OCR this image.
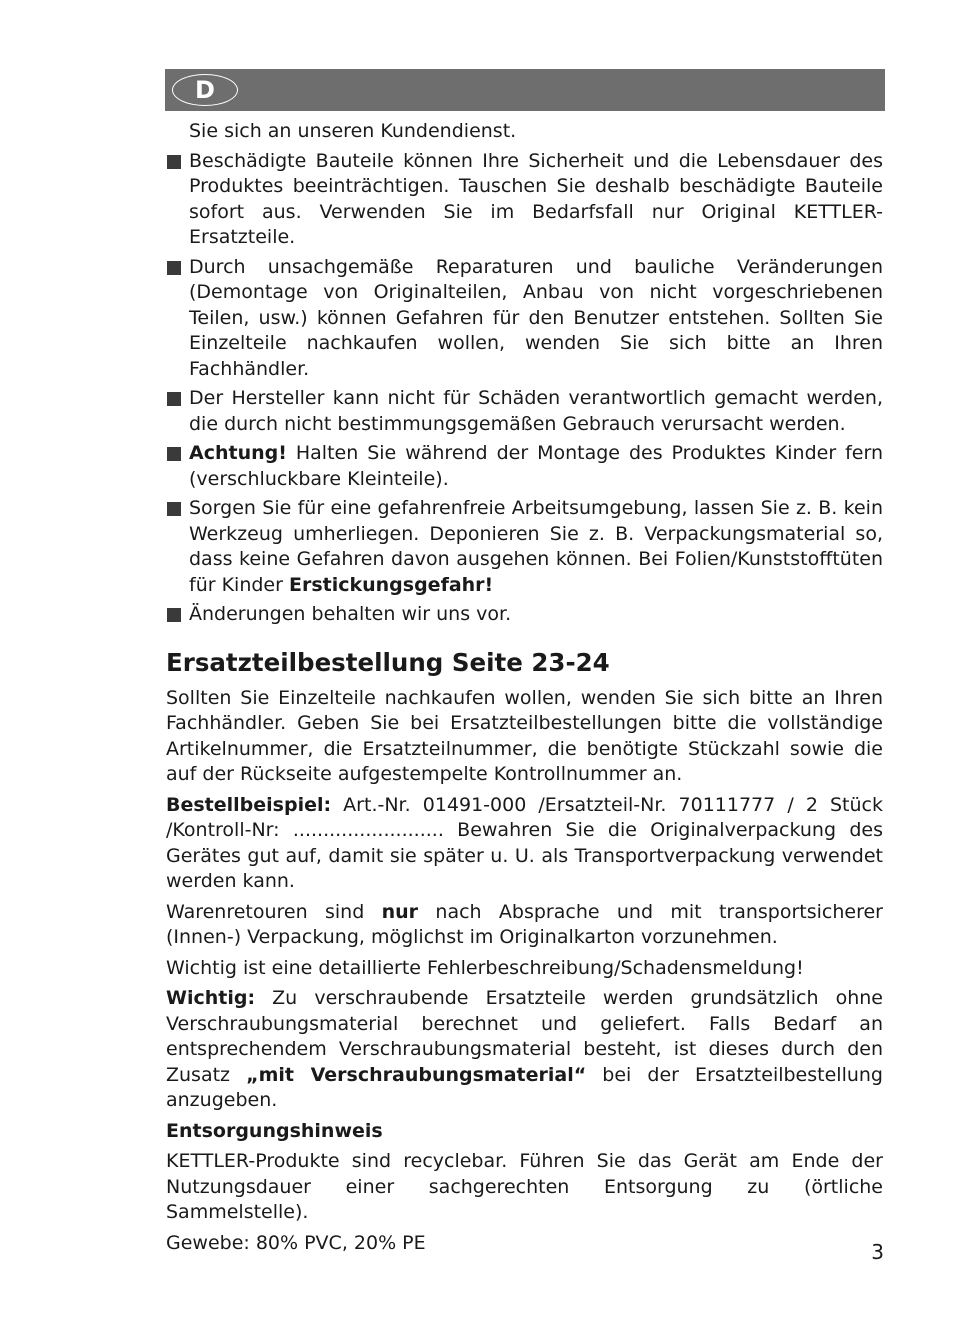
D
Sie sich an unseren Kundendienst.
Beschädigte Bauteile können Ihre Sicherheit und die Lebensdauer des Produktes beeinträchtigen. Tauschen Sie deshalb beschädigte Bauteile sofort aus. Verwenden Sie im Bedarfsfall nur Original KETTLER-Ersatzteile.
Durch unsachgemäße Reparaturen und bauliche Veränderungen (Demontage von Originalteilen, Anbau von nicht vorgeschriebenen Teilen, usw.) können Gefahren für den Benutzer entstehen. Sollten Sie Einzelteile nachkaufen wollen, wenden Sie sich bitte an Ihren Fachhändler.
Der Hersteller kann nicht für Schäden verantwortlich gemacht werden, die durch nicht bestimmungsgemäßen Gebrauch verursacht werden.
Achtung! Halten Sie während der Montage des Produktes Kinder fern (verschluckbare Kleinteile).
Sorgen Sie für eine gefahrenfreie Arbeitsumgebung, lassen Sie z. B. kein Werkzeug umherliegen. Deponieren Sie z. B. Verpackungsmaterial so, dass keine Gefahren davon ausgehen können. Bei Folien/Kunststofftüten für Kinder Erstickungsgefahr!
Änderungen behalten wir uns vor.
Ersatzteilbestellung Seite 23-24

Sollten Sie Einzelteile nachkaufen wollen, wenden Sie sich bitte an Ihren Fachhändler. Geben Sie bei Ersatzteilbestellungen bitte die vollständige Artikelnummer, die Ersatzteilnummer, die benötigte Stückzahl sowie die auf der Rückseite aufgestempelte Kontrollnummer an.

Bestellbeispiel: Art.-Nr. 01491-000 /Ersatzteil-Nr. 70111777 / 2 Stück /Kontroll-Nr: ......................... Bewahren Sie die Originalverpackung des Gerätes gut auf, damit sie später u. U. als Transportverpackung verwendet werden kann.

Warenretouren sind nur nach Absprache und mit transportsicherer (Innen-) Verpackung, möglichst im Originalkarton vorzunehmen.

Wichtig ist eine detaillierte Fehlerbeschreibung/Schadensmeldung!

Wichtig: Zu verschraubende Ersatzteile werden grundsätzlich ohne Verschraubungsmaterial berechnet und geliefert. Falls Bedarf an entsprechendem Verschraubungsmaterial besteht, ist dieses durch den Zusatz „mit Verschraubungsmaterial“ bei der Ersatzteilbestellung anzugeben.

Entsorgungshinweis

KETTLER-Produkte sind recyclebar. Führen Sie das Gerät am Ende der Nutzungsdauer einer sachgerechten Entsorgung zu (örtliche Sammelstelle).

Gewebe: 80% PVC, 20% PE	3
